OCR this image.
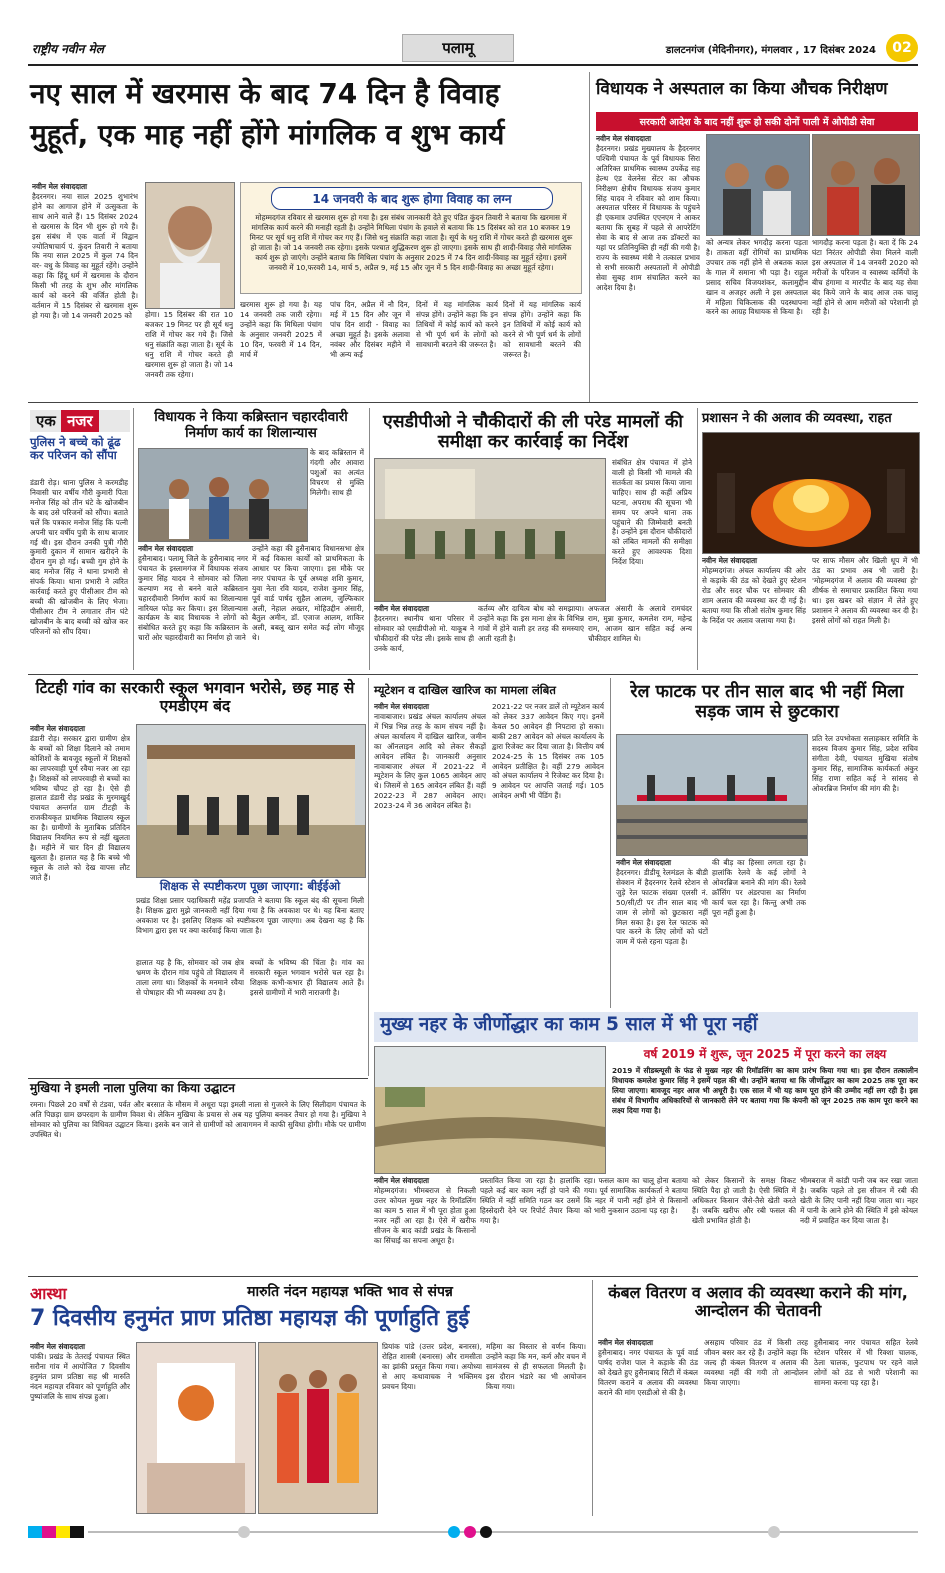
राष्ट्रीय नवीन मेल	पलामू	डालटनगंज (मेदिनीनगर), मंगलवार , 17 दिसंबर 2024	02
नए साल में खरमास के बाद 74 दिन है विवाह
मुहूर्त, एक माह नहीं होंगे मांगलिक व शुभ कार्य
नवीन मेल संवाददाता
हैदरनगर। नया साल 2025 शुभारंभ होने का आगाज होने में उत्सुकता के साथ आने वाले हैं। 15 दिसंबर 2024 से खरमास के दिन भी शुरू हो गये हैं। इस संबंध में एक वार्ता में विद्वान ज्योतिषाचार्य पं. कुंदन तिवारी ने बताया कि नया साल 2025 में कुल 74 दिन वर- वधु के विवाह का मुहूर्त रहेंगे। उन्होंने कहा कि हिंदू धर्म में खरमास के दौरान किसी भी तरह के शुभ और मांगलिक कार्य को करने की वर्जित होती है। वर्तमान में 15 दिसंबर से खरमास शुरू हो गया है। जो 14 जनवरी 2025 को
14 जनवरी के बाद शुरू होगा विवाह का लग्न
मोहम्मदगंज रविवार से खरमास शुरू हो गया है। इस संबंध जानकारी देते हुए पंडित कुंदन तिवारी ने बताया कि खरमास में मांगलिक कार्य करने की मनाही रहती है। उन्होंने मिथिला पंचांग के हवाले से बताया कि 15 दिसंबर को रात 10 बजकर 19 मिनट पर सूर्य धनु राशि में गोचर कर गए हैं। जिसे धनु संक्रांति कहा जाता है। सूर्य के धनु राशि में गोचर करते ही खरमास शुरू हो जाता है। जो 14 जनवरी तक रहेगा। इसके पश्चात शुद्धिकरण शुरू हो जाएगा। इसके साथ ही शादी-विवाह जैसे मांगलिक कार्य शुरू हो जाएंगे। उन्होंने बताया कि मिथिला पंचांग के अनुसार 2025 में 74 दिन शादी-विवाह का मुहूर्त रहेगा। इसमें जनवरी में 10,फरवरी 14, मार्च 5, अप्रैल 9, मई 15 और जून में 5 दिन शादी-विवाह का अच्छा मुहूर्त रहेगा।
होगा। 15 दिसंबर की रात 10 बजकर 19 मिनट पर ही सूर्य धनु राशि में गोचर कर गये हैं। जिसे धनु संक्रांति कहा जाता है। सूर्य के धनु राशि में गोचर करते ही खरमास शुरू हो जाता है। जो 14 जनवरी तक रहेगा।
खरमास शुरू हो गया है। यह 14 जनवरी तक जारी रहेगा। उन्होंने कहा कि मिथिला पंचांग के अनुसार जनवरी 2025 में 10 दिन, फरवरी में 14 दिन, मार्च में
पांच दिन, अप्रैल में नौ दिन, मई में 15 दिन और जून में पांच दिन शादी - विवाह का अच्छा मुहूर्त है। इसके अलावा नवंबर और दिसंबर महीने में भी अन्य कई
दिनों में यह मांगलिक कार्य संपन्न होंगे। उन्होंने कहा कि इन तिथियों में कोई कार्य को करने से भी पूर्ण धर्म के लोगों को सावधानी बरतने की जरूरत है।
दिनों में यह मांगलिक कार्य संपन्न होंगे। उन्होंने कहा कि इन तिथियों में कोई कार्य को करने से भी पूर्ण धर्म के लोगों को सावधानी बरतने की जरूरत है।
विधायक ने अस्पताल का किया औचक निरीक्षण
सरकारी आदेश के बाद नहीं शुरू हो सकी दोनों पाली में ओपीडी सेवा
नवीन मेल संवाददाता
हैदरनगर। प्रखंड मुख्यालय के हैदरनगर पश्चिमी पंचायत के पूर्व विधायक सिरा अतिरिक्त प्राथमिक स्वास्थ्य उपकेंद्र सह हेल्थ एंड वेलनेस सेंटर का औचक निरीक्षण क्षेत्रीय विधायक संजय कुमार सिंह यादव ने रविवार को शाम किया। अस्पताल परिसर में विधायक के पहुंचने ही एकमात्र उपस्थित एएनएम ने आकर बताया कि सुबह में पहले से आपरेटिंग सेवा के बाद से आज तक डॉक्टरों का यहां पर प्रतिनियुक्ति ही नहीं की गयी है। राज्य के स्वास्थ्य मंत्री ने तत्काल प्रभाव से सभी सरकारी अस्पतालों में ओपीडी सेवा सुबह शाम संचालित करने का आदेश दिया है।
को अन्यत्र लेकर भगदौड़ करना पड़ता है। ताकता वहीं रोगियों का प्राथमिक उपचार तक नहीं होने से अबतक काल के गाल में समाना भी पड़ा है। राहुल प्रसाद सचिव विजयशंकर, कलामुद्दीन खान व अजहर अली ने इस अस्पताल में महिला चिकित्सक की पदस्थापना करने का आग्रह विधायक से किया है।
भागदौड़ करना पड़ता है। बता दें कि 24 घंटा निरंतर ओपीडी सेवा मिलने वाली इस अस्पताल में 14 जनवरी 2020 को मरीजों के परिजन व स्वास्थ्य कर्मियों के बीच हंगामा व मारपीट के बाद यह सेवा बंद किये जाने के बाद आज तक चालू नहीं होने से आम मरीजों को परेशानी हो रही है।
एक नजर
पुलिस ने बच्चे को ढूंढ कर परिजन को सौंपा
डंडारी रोड़। थाना पुलिस ने करमडीह निवासी चार वर्षीय गौरी कुमारी पिता मनोज सिंह को तीन घंटे के खोजबीन के बाद उसे परिजनों को सौंपा। बताते चलें कि पत्रकार मनोज सिंह कि पत्नी अपनी चार वर्षीय पुत्री के साथ बाजार गई थी। इस दौरान उनकी पुत्री गौरी कुमारी दुकान में सामान खरीदने के दौरान गुम हो गई। बच्ची गुम होने के बाद मनोज सिंह ने थाना प्रभारी से संपर्क किया। थाना प्रभारी ने त्वरित कार्रवाई करते हुए पीसीआर टीम को बच्ची की खोजबीन के लिए भेजा। पीसीआर टीम ने लगातार तीन घंटे खोजबीन के बाद बच्ची को खोज कर परिजनों को सौंप दिया।
विधायक ने किया कब्रिस्तान चहारदीवारी निर्माण कार्य का शिलान्यास
के बाद कब्रिस्तान में गंदगी और आवारा पशुओं का अत्यंत विचरण से मुक्ति मिलेगी। साथ ही
नवीन मेल संवाददाता
हुसैनाबाद। पलामू जिले के हुसैनाबाद नगर पंचायत के इस्लामगंज में विधायक संजय कुमार सिंह यादव ने सोमवार को जिला कल्याण मद से बनने वाले कब्रिस्तान चहारदीवारी निर्माण कार्य का शिलान्यास नारियल फोड़ कर किया। इस शिलान्यास कार्यक्रम के बाद विधायक ने लोगों को संबोधित करते हुए कहा कि कब्रिस्तान के चारों ओर चहारदीवारी का निर्माण हो जाने
उन्होंने कहा की हुसैनाबाद विधानसभा क्षेत्र में कई विकास कार्यों को प्राथमिकता के आधार पर किया जाएगा। इस मौके पर नगर पंचायत के पूर्व अध्यक्ष शशि कुमार, युवा नेता रवि यादव, राजेश कुमार सिंह, पूर्व वार्ड पार्षद सुहैल आलम, जुल्फिकार अली, नेहाल अख्तर, मोहिउद्दीन अंसारी, बैतुल अमीन, डॉ. एजाज आलम, शाकिर अली, बबलू खान समेत कई लोग मौजूद थे।
एसडीपीओ ने चौकीदारों की ली परेड मामलों की समीक्षा कर कार्रवाई का निर्देश
संबंधित क्षेत्र पंचायत में होने वाली हो किसी भी मामले की सतर्कता का प्रयास किया जाना चाहिए। साथ ही कहीं अप्रिय घटना, अपराध की सूचना भी समय पर अपने थाना तक पहुंचाने की जिम्मेवारी बनती है। उन्होंने इस दौरान चौकीदारों को लंबित मामलों की समीक्षा करते हुए आवश्यक दिशा निर्देश दिया।
नवीन मेल संवाददाता
हैदरनगर। स्थानीय थाना परिसर में सोमवार को एसडीपीओ मो. याकूब ने चौकीदारों की परेड ली। इसके साथ ही उनके कार्य,
कर्तव्य और दायित्व बोध को समझाया। उन्होंने कहा कि इस माना क्षेत्र के विभिन्न गांवों में होने वाली हर तरह की समस्याएं आती रहती है।
अफजल अंसारी के अलावे रामचंदर राम, मुन्ना कुमार, कमलेश राम, महेन्द्र राम, आजम खान सहित कई अन्य चौकीदार शामिल थे।
प्रशासन ने की अलाव की व्यवस्था, राहत
नवीन मेल संवाददाता
मोहम्मदगंज। अंचल कार्यालय की ओर से कड़ाके की ठंड को देखते हुए स्टेशन रोड और सदर चौक पर सोमवार की शाम अलाव की व्यवस्था कर दी गई है। बताया गया कि सीओ संतोष कुमार सिंह के निर्देश पर अलाव जलाया गया है।
पर साफ मौसम और खिली धूप में भी ठंड का प्रभाव अब भी जारी है। 'मोहम्मदगंज में अलाव की व्यवस्था हो' शीर्षक से समाचार प्रकाशित किया गया था। इस खबर को संज्ञान में लेते हुए प्रशासन ने अलाव की व्यवस्था कर दी है। इससे लोगों को राहत मिली है।
टिटही गांव का सरकारी स्कूल भगवान भरोसे, छह माह से एमडीएम बंद
नवीन मेल संवाददाता
डंडारी रोड़। सरकार द्वारा ग्रामीण क्षेत्र के बच्चों को शिक्षा दिलाने को तमाम कोशिशों के बावजूद स्कूलों में शिक्षकों का लापरवाही पूर्ण रवैया नजर आ रहा है। शिक्षकों को लापरवाही से बच्चों का भविष्य चौपट हो रहा है। ऐसे ही हालात डंडारी रोड़ प्रखंड के मुरमाखुर्द पंचायत अन्तर्गत ग्राम टीटही के राजकीयकृत प्राथमिक विद्यालय स्कूल का है। ग्रामीणों के मुताबिक प्रतिदिन विद्यालय नियमित रूप से नहीं खुलता है। महीने में चार दिन ही विद्यालय खुलता है। हालात यह है कि बच्चे भी स्कूल के ताले को देख वापस लौट जाते हैं।
शिक्षक से स्पष्टीकरण पूछा जाएगा: बीईईओ
प्रखंड शिक्षा प्रसार पदाधिकारी महेंद्र प्रजापति ने बताया कि स्कूल बंद की सूचना मिली है। शिक्षक द्वारा मुझे जानकारी नहीं दिया गया है कि अवकाश पर थे। यह बिना बताए अवकाश पर है। इसलिए शिक्षक को स्पष्टीकरण पूछा जाएगा। अब देखना यह है कि विभाग द्वारा इस पर क्या कार्रवाई किया जाता है।
हालात यह है कि, सोमवार को जब क्षेत्र भ्रमण के दौरान गांव पहुंचे तो विद्यालय में ताला लगा था। शिक्षकों के मनमाने रवैया से पोषाहार की भी व्यवस्था ठप है।
बच्चों के भविष्य की चिंता है। गांव का सरकारी स्कूल भगवान भरोसे चल रहा है। शिक्षक कभी-कभार ही विद्यालय आते हैं। इससे ग्रामीणों में भारी नाराजगी है।
म्यूटेशन व दाखिल खारिज का मामला लंबित
नवीन मेल संवाददाता
नावाबाजार। प्रखंड अंचल कार्यालय अंचल में भिन्न भिन्न तरह के काम संचय नहीं है। अंचल कार्यालय में दाखिल खारिज, जमीन का ऑनलाइन आदि को लेकर सैकड़ों आवेदन लंबित है। जानकारी अनुसार नावाबाजार अंचल में 2021-22 में म्यूटेशन के लिए कुल 1065 आवेदन आए थे। जिसमें से 165 आवेदन लंबित हैं। वहीं 2022-23 में 287 आवेदन आए। 2023-24 में 36 आवेदन लंबित है।
2021-22 पर नजर डालें तो म्यूटेशन कार्य को लेकर 337 आवेदन किए गए। इनमें केवल 50 आवेदन ही निपटारा हो सका। बाकी 287 आवेदन को अंचल कार्यालय के द्वारा रिजेक्ट कर दिया जाता है। वित्तीय वर्ष 2024-25 के 15 दिसंबर तक 105 आवेदन प्रतीक्षित है। वहीं 279 आवेदन को अंचल कार्यालय ने रिजेक्ट कर दिया है। 9 आवेदन पर आपत्ति जताई गई। 105 आवेदन अभी भी पेंडिंग हैं।
रेल फाटक पर तीन साल बाद भी नहीं मिला सड़क जाम से छुटकारा
प्रति रेल उपभोक्ता सलाहकार समिति के सदस्य विजय कुमार सिंह, प्रदेश सचिव संगीता देवी, पंचायत मुखिया संतोष कुमार सिंह, सामाजिक कार्यकर्ता अंकुर सिंह राणा सहित कई ने सांसद से ओवरब्रिज निर्माण की मांग की है।
नवीन मेल संवाददाता
हैदरनगर। डीडीयू रेलमंडल के बीडी सेक्शन में हैदरनगर रेलवे स्टेशन से जुड़े रेल फाटक संख्या एलसी नं. 50/सी/टी पर तीन साल बाद भी जाम से लोगों को छुटकारा नहीं मिल सका है। इस रेल फाटक को पार करने के लिए लोगों को घंटों जाम में फंसे रहना पड़ता है।
की बीड़ का हिस्सा लगता रहा है। हालांकि रेलवे के कई लोगों ने ओवरब्रिज बनाने की मांग की। रेलवे क्रॉसिंग पर अंडरपास का निर्माण कार्य चल रहा है। किन्तु अभी तक पूरा नहीं हुआ है।
मुख्य नहर के जीर्णोद्धार का काम 5 साल में भी पूरा नहीं
वर्ष 2019 में शुरू, जून 2025 में पूरा करने का लक्ष्य
2019 में सीडब्ल्यूसी के फंड से मुख्य नहर की रिमॉडलिंग का काम प्रारंभ किया गया था। इस दौरान तत्कालीन विधायक कमलेश कुमार सिंह ने इसमें पहल की थी। उन्होंने बताया था कि जीर्णोद्धार का काम 2025 तक पूरा कर लिया जाएगा। बावजूद नहर आज भी अधूरी है। एक साल में भी यह काम पूरा होने की उम्मीद नहीं लग रही है। इस संबंध में विभागीय अधिकारियों से जानकारी लेने पर बताया गया कि कंपनी को जून 2025 तक काम पूरा करने का लक्ष्य दिया गया है।
नवीन मेल संवाददाता
मोहम्मदगंज। भीमबराज से निकली उत्तर कोयल मुख्य नहर के रिमॉडलिंग का काम 5 साल में भी पूरा होता हुआ नजर नहीं आ रहा है। ऐसे में खरीफ सीजन के बाद कांडी प्रखंड के किसानों का सिंचाई का सपना अधूरा है।
प्रस्तावित किया जा रहा है। हालांकि पहले कई बार काम नहीं हो पाने की स्थिति में नहीं समिति गठन कर उसमें हिस्सेदारी देने पर रिपोर्ट तैयार किया गया है।
रहा। फसल काम का चालू होना बताया गया। पूर्व सामाजिक कार्यकर्ता ने बताया कि नहर में पानी नहीं होने से किसानों को भारी नुकसान उठाना पड़ रहा है।
को लेकर किसानों के समक्ष विकट स्थिति पैदा हो जाती है। ऐसी स्थिति में अधिकतर किसान जैसे-तैसे खेती करते हैं। जबकि खरीफ और रबी फसल की खेती प्रभावित होती है।
भीमबराज में कांडी पानी जब कर रखा जाता है। जबकि पहले तो इस सीजन में रबी की खेती के लिए पानी नहीं दिया जाता था। नहर में पानी के आने होने की स्थिति में इसे कोयल नदी में प्रवाहित कर दिया जाता है।
मुखिया ने इमली नाला पुलिया का किया उद्घाटन
रमना। पिछले 20 वर्षों से टंडवा, पर्वत और बरसात के मौसम में अधूरा पड़ा इमली नाला से गुजरने के लिए सिलीदाग पंचायत के अति पिछड़ा ग्राम छपरदाग के ग्रामीण विवश थे। लेकिन मुखिया के प्रयास से अब यह पुलिया बनकर तैयार हो गया है। मुखिया ने सोमवार को पुलिया का विधिवत उद्घाटन किया। इसके बन जाने से ग्रामीणों को आवागमन में काफी सुविधा होगी। मौके पर ग्रामीण उपस्थित थे।
आस्था	मारुति नंदन महायज्ञ भक्ति भाव से संपन्न
7 दिवसीय हनुमंत प्राण प्रतिष्ठा महायज्ञ की पूर्णाहुति हुई
नवीन मेल संवाददाता
पांकी। प्रखंड के तेतराई पंचायत स्थित सरौना गांव में आयोजित 7 दिवसीय हनुमंत प्राण प्रतिष्ठा सह श्री मारुति नंदन महायज्ञ रविवार को पूर्णाहुति और पुष्पांजलि के साथ संपन्न हुआ।
प्रियांक पांडे (उत्तर प्रदेश, बनारस), रोहित शास्त्री (बनारस) और रामसीता का झांकी प्रस्तुत किया गया। अयोध्या से आए कथावाचक ने भक्तिमय प्रवचन दिया।
महिमा का विस्तार से वर्णन किया। उन्होंने कहा कि मन, कर्म और वचन में सामंजस्य से ही सफलता मिलती है। इस दौरान भंडारे का भी आयोजन किया गया।
कंबल वितरण व अलाव की व्यवस्था कराने की मांग, आन्दोलन की चेतावनी
नवीन मेल संवाददाता
हुसैनाबाद। नगर पंचायत के पूर्व वार्ड पार्षद राजेश पाल ने कड़ाके की ठंड को देखते हुए हुसैनाबाद सिटी में कंबल वितरण कराने व अलाव की व्यवस्था कराने की मांग एसडीओ से की है।
असहाय परिवार ठंड में किसी तरह जीवन बसर कर रहे हैं। उन्होंने कहा कि जल्द ही कंबल वितरण व अलाव की व्यवस्था नहीं की गयी तो आन्दोलन किया जाएगा।
हुसैनाबाद नगर पंचायत सहित रेलवे स्टेशन परिसर में भी रिक्शा चालक, ठेला चालक, फुटपाथ पर रहने वाले लोगों को ठंड से भारी परेशानी का सामना करना पड़ रहा है।
